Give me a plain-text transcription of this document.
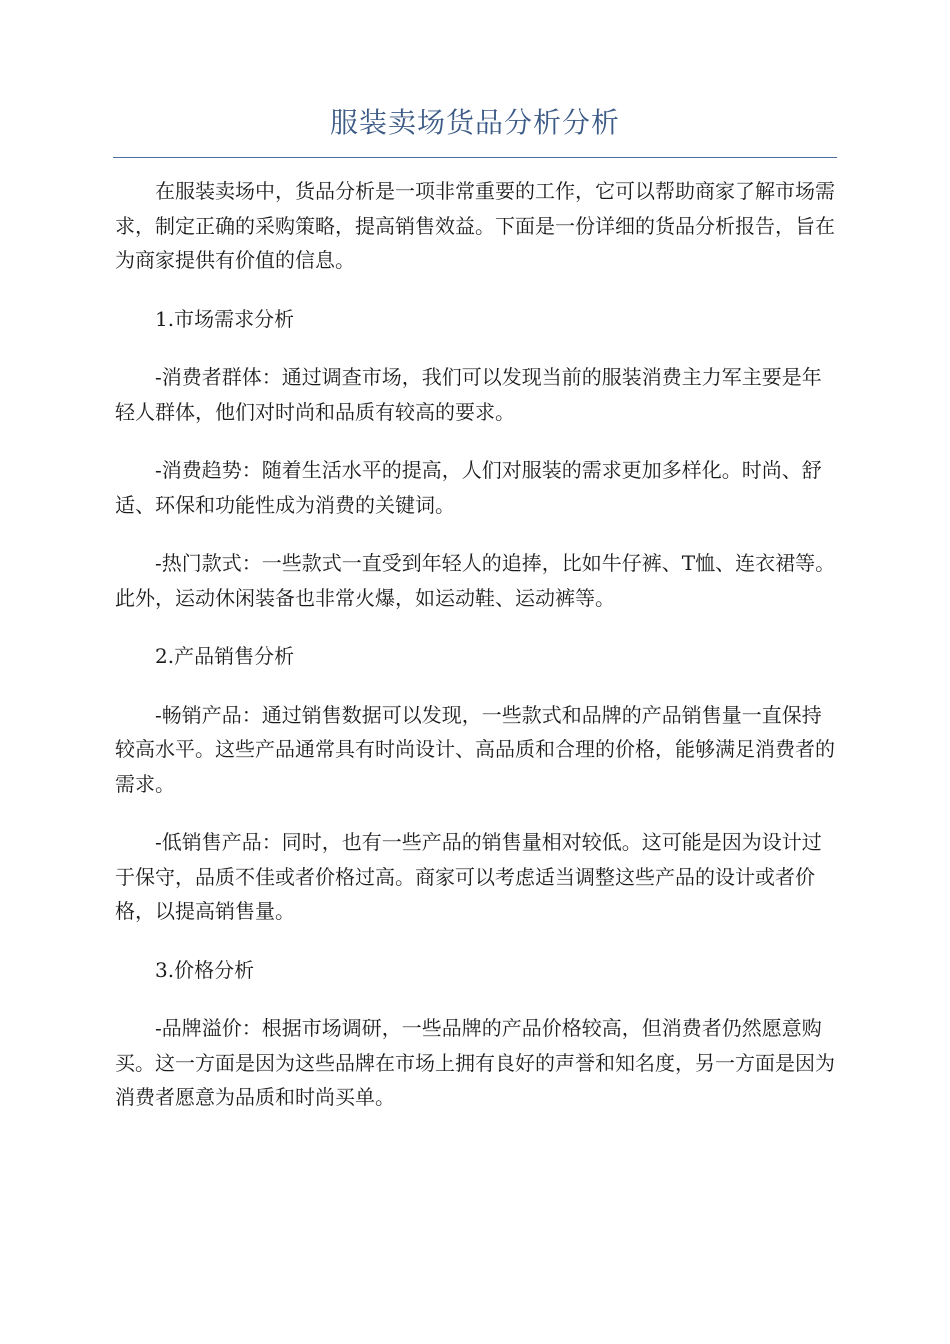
服装卖场货品分析分析

在服装卖场中，货品分析是一项非常重要的工作，它可以帮助商家了解市场需求，制定正确的采购策略，提高销售效益。下面是一份详细的货品分析报告，旨在为商家提供有价值的信息。

1.市场需求分析

-消费者群体：通过调查市场，我们可以发现当前的服装消费主力军主要是年轻人群体，他们对时尚和品质有较高的要求。

-消费趋势：随着生活水平的提高，人们对服装的需求更加多样化。时尚、舒适、环保和功能性成为消费的关键词。

-热门款式：一些款式一直受到年轻人的追捧，比如牛仔裤、T恤、连衣裙等。此外，运动休闲装备也非常火爆，如运动鞋、运动裤等。

2.产品销售分析

-畅销产品：通过销售数据可以发现，一些款式和品牌的产品销售量一直保持较高水平。这些产品通常具有时尚设计、高品质和合理的价格，能够满足消费者的需求。

-低销售产品：同时，也有一些产品的销售量相对较低。这可能是因为设计过于保守，品质不佳或者价格过高。商家可以考虑适当调整这些产品的设计或者价格，以提高销售量。

3.价格分析

-品牌溢价：根据市场调研，一些品牌的产品价格较高，但消费者仍然愿意购买。这一方面是因为这些品牌在市场上拥有良好的声誉和知名度，另一方面是因为消费者愿意为品质和时尚买单。
